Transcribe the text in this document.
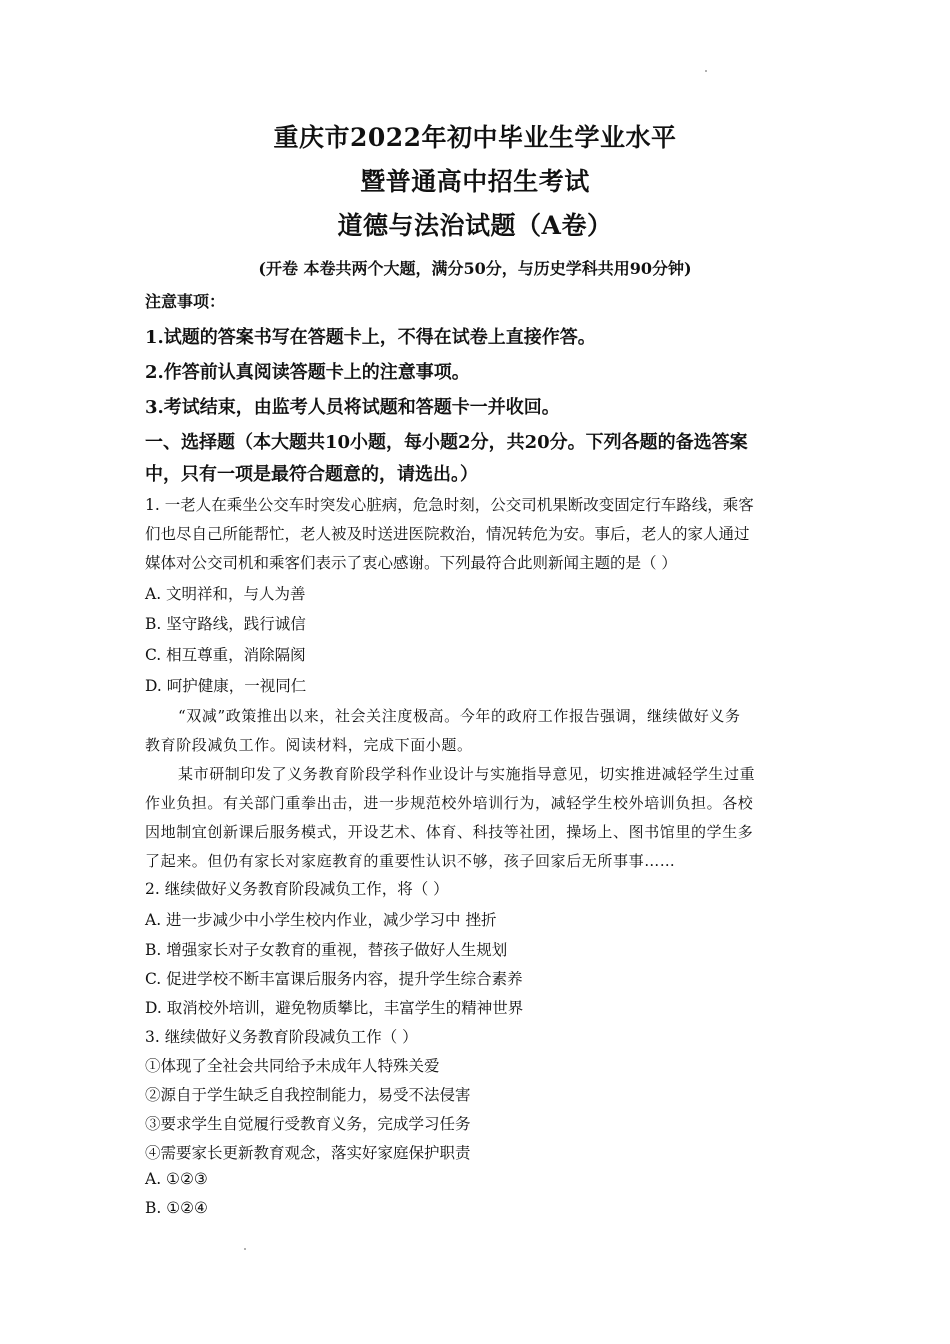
重庆市2022年初中毕业生学业水平
暨普通高中招生考试
道德与法治试题（A卷）
(开卷 本卷共两个大题，满分50分，与历史学科共用90分钟)
注意事项：
1.试题的答案书写在答题卡上，不得在试卷上直接作答。
2.作答前认真阅读答题卡上的注意事项。
3.考试结束，由监考人员将试题和答题卡一并收回。
一、选择题（本大题共10小题，每小题2分，共20分。下列各题的备选答案
中，只有一项是最符合题意的，请选出。）
1. 一老人在乘坐公交车时突发心脏病，危急时刻，公交司机果断改变固定行车路线，乘客
们也尽自己所能帮忙，老人被及时送进医院救治，情况转危为安。事后，老人的家人通过
媒体对公交司机和乘客们表示了衷心感谢。下列最符合此则新闻主题的是（ ）
A. 文明祥和，与人为善
B. 坚守路线，践行诚信
C. 相互尊重，消除隔阂
D. 呵护健康，一视同仁
“双减”政策推出以来，社会关注度极高。今年的政府工作报告强调，继续做好义务
教育阶段减负工作。阅读材料，完成下面小题。
某市研制印发了义务教育阶段学科作业设计与实施指导意见，切实推进减轻学生过重
作业负担。有关部门重拳出击，进一步规范校外培训行为，减轻学生校外培训负担。各校
因地制宜创新课后服务模式，开设艺术、体育、科技等社团，操场上、图书馆里的学生多
了起来。但仍有家长对家庭教育的重要性认识不够，孩子回家后无所事事……
2. 继续做好义务教育阶段减负工作，将（ ）
A. 进一步减少中小学生校内作业，减少学习中 挫折
B. 增强家长对子女教育的重视，替孩子做好人生规划
C. 促进学校不断丰富课后服务内容，提升学生综合素养
D. 取消校外培训，避免物质攀比，丰富学生的精神世界
3. 继续做好义务教育阶段减负工作（ ）
①体现了全社会共同给予未成年人特殊关爱
②源自于学生缺乏自我控制能力，易受不法侵害
③要求学生自觉履行受教育义务，完成学习任务
④需要家长更新教育观念，落实好家庭保护职责
A. ①②③
B. ①②④
